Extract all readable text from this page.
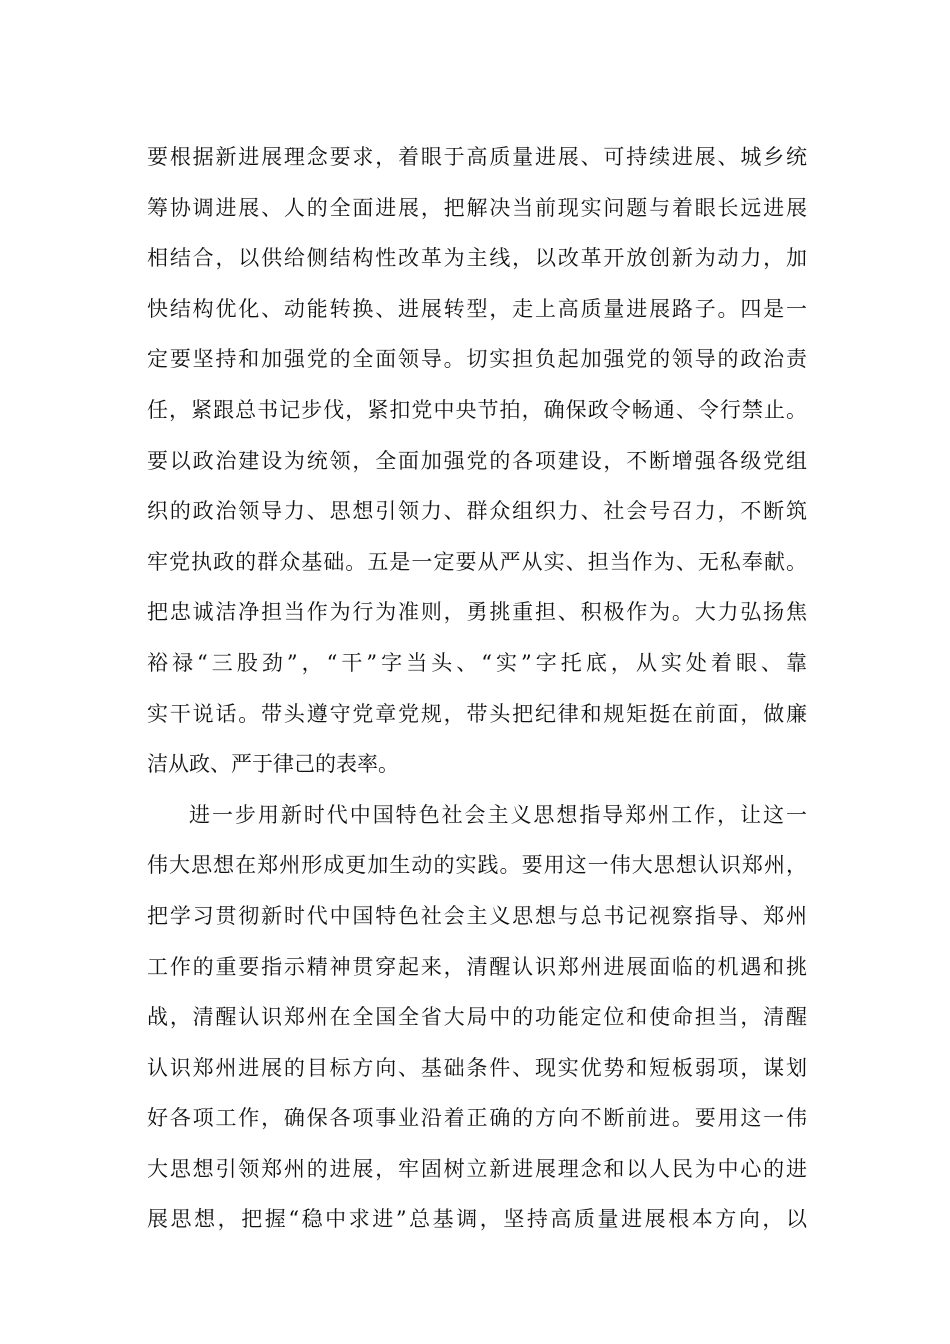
要根据新进展理念要求，着眼于高质量进展、可持续进展、城乡统
筹协调进展、人的全面进展，把解决当前现实问题与着眼长远进展
相结合，以供给侧结构性改革为主线，以改革开放创新为动力，加
快结构优化、动能转换、进展转型，走上高质量进展路子。四是一
定要坚持和加强党的全面领导。切实担负起加强党的领导的政治责
任，紧跟总书记步伐，紧扣党中央节拍，确保政令畅通、令行禁止。
要以政治建设为统领，全面加强党的各项建设，不断增强各级党组
织的政治领导力、思想引领力、群众组织力、社会号召力，不断筑
牢党执政的群众基础。五是一定要从严从实、担当作为、无私奉献。
把忠诚洁净担当作为行为准则，勇挑重担、积极作为。大力弘扬焦
裕禄“三股劲”，“干”字当头、“实”字托底，从实处着眼、靠
实干说话。带头遵守党章党规，带头把纪律和规矩挺在前面，做廉
洁从政、严于律己的表率。
进一步用新时代中国特色社会主义思想指导郑州工作，让这一
伟大思想在郑州形成更加生动的实践。要用这一伟大思想认识郑州，
把学习贯彻新时代中国特色社会主义思想与总书记视察指导、郑州
工作的重要指示精神贯穿起来，清醒认识郑州进展面临的机遇和挑
战，清醒认识郑州在全国全省大局中的功能定位和使命担当，清醒
认识郑州进展的目标方向、基础条件、现实优势和短板弱项，谋划
好各项工作，确保各项事业沿着正确的方向不断前进。要用这一伟
大思想引领郑州的进展，牢固树立新进展理念和以人民为中心的进
展思想，把握“稳中求进”总基调，坚持高质量进展根本方向，以
